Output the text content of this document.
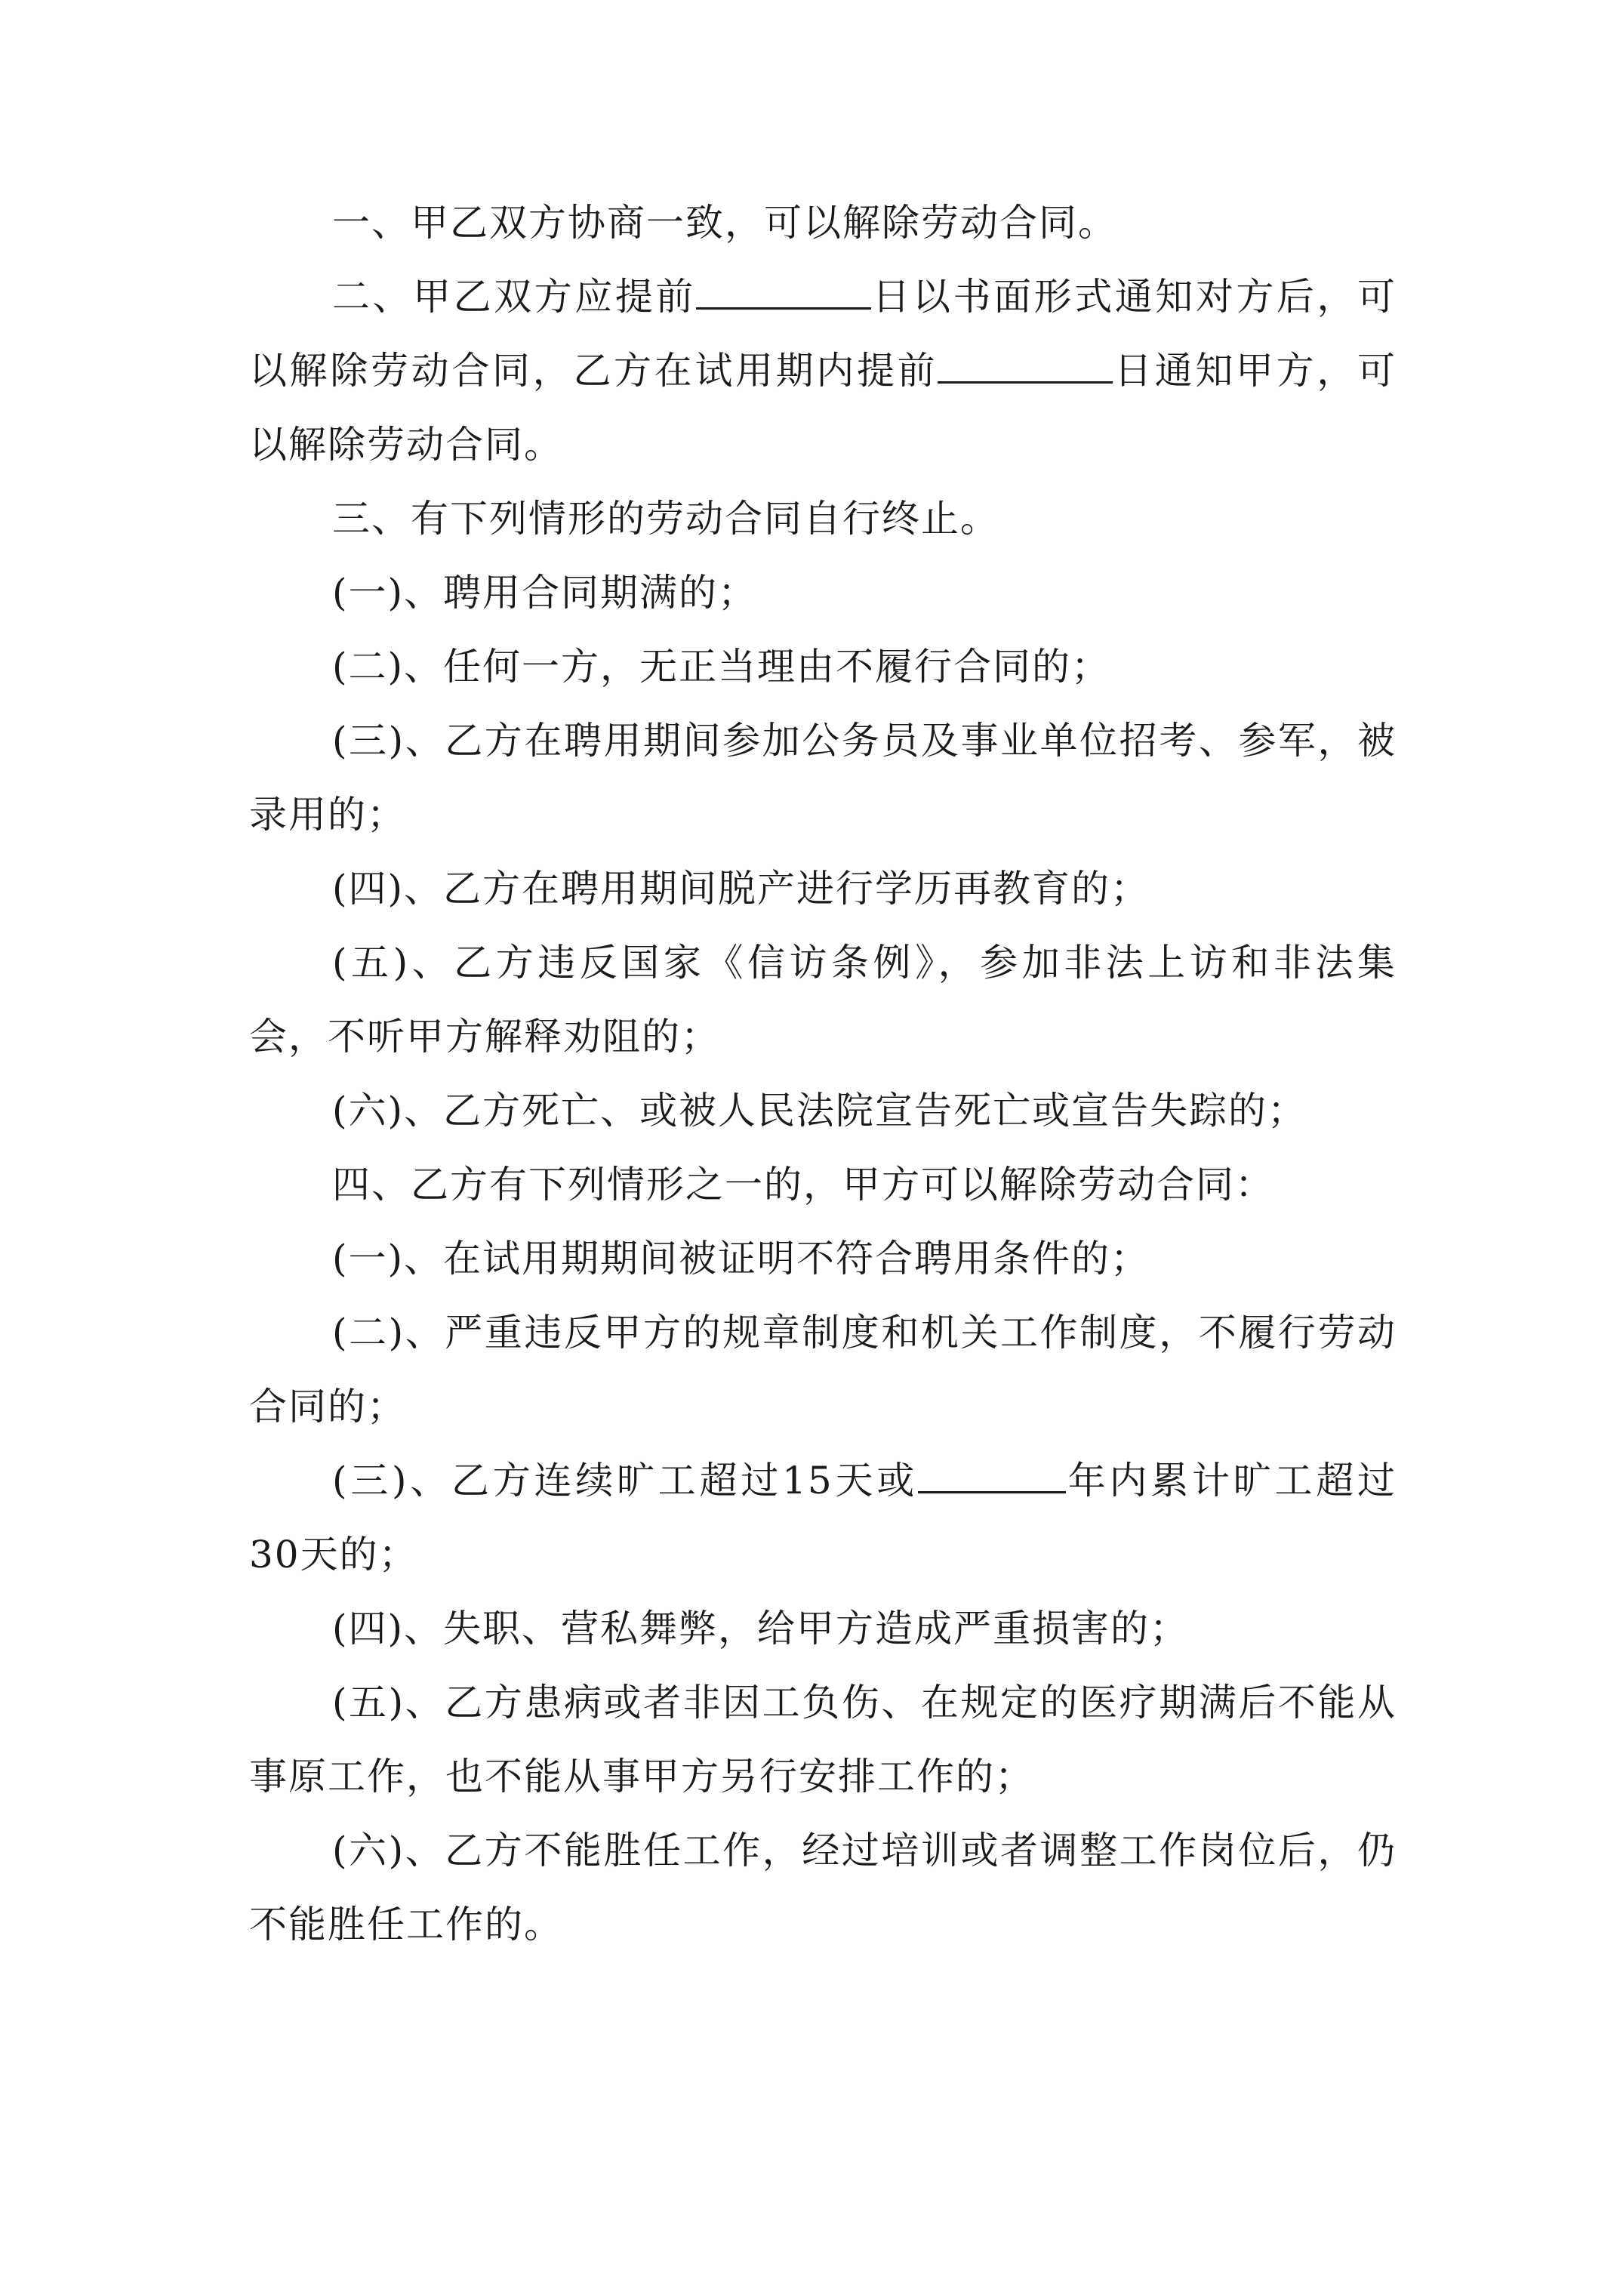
一、甲乙双方协商一致，可以解除劳动合同。

二、甲乙双方应提前	日以书面形式通知对方后，可以解除劳动合同，乙方在试用期内提前	日通知甲方，可以解除劳动合同。

三、有下列情形的劳动合同自行终止。

(一)、聘用合同期满的；

(二)、任何一方，无正当理由不履行合同的；

(三)、乙方在聘用期间参加公务员及事业单位招考、参军，被录用的；

(四)、乙方在聘用期间脱产进行学历再教育的；

(五)、乙方违反国家《信访条例》，参加非法上访和非法集会，不听甲方解释劝阻的；

(六)、乙方死亡、或被人民法院宣告死亡或宣告失踪的；

四、乙方有下列情形之一的，甲方可以解除劳动合同：

(一)、在试用期期间被证明不符合聘用条件的；

(二)、严重违反甲方的规章制度和机关工作制度，不履行劳动合同的；

(三)、乙方连续旷工超过15天或	年内累计旷工超过30天的；

(四)、失职、营私舞弊，给甲方造成严重损害的；

(五)、乙方患病或者非因工负伤、在规定的医疗期满后不能从事原工作，也不能从事甲方另行安排工作的；

(六)、乙方不能胜任工作，经过培训或者调整工作岗位后，仍不能胜任工作的。
